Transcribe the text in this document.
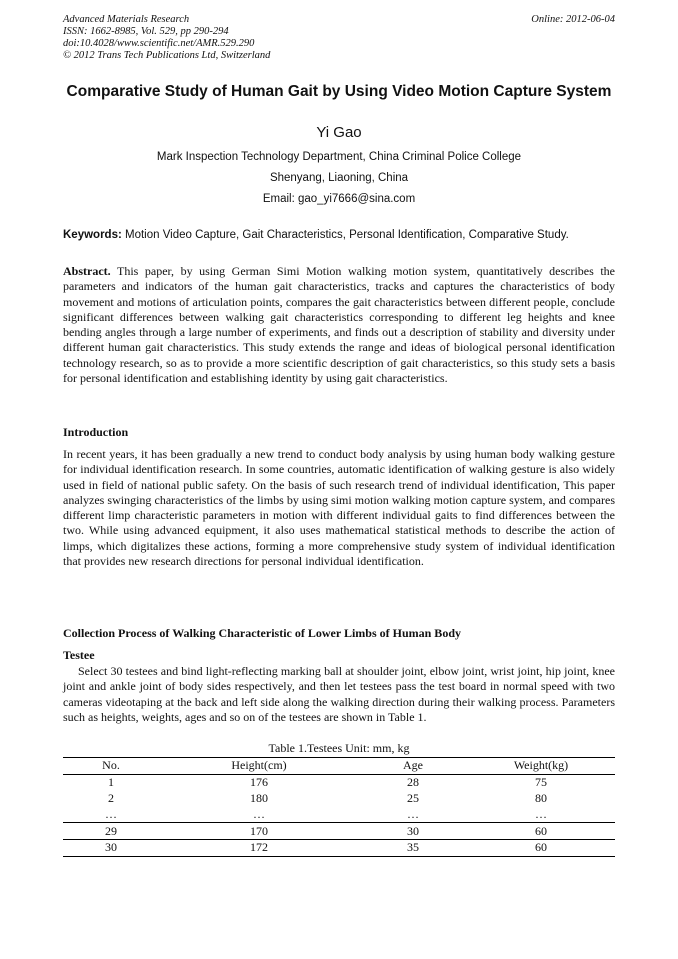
Advanced Materials Research
ISSN: 1662-8985, Vol. 529, pp 290-294
doi:10.4028/www.scientific.net/AMR.529.290
© 2012 Trans Tech Publications Ltd, Switzerland
Online: 2012-06-04
Comparative Study of Human Gait by Using Video Motion Capture System
Yi Gao
Mark Inspection Technology Department, China Criminal Police College
Shenyang, Liaoning, China
Email: gao_yi7666@sina.com
Keywords: Motion Video Capture, Gait Characteristics, Personal Identification, Comparative Study.
Abstract. This paper, by using German Simi Motion walking motion system, quantitatively describes the parameters and indicators of the human gait characteristics, tracks and captures the characteristics of body movement and motions of articulation points, compares the gait characteristics between different people, conclude significant differences between walking gait characteristics corresponding to different leg heights and knee bending angles through a large number of experiments, and finds out a description of stability and diversity under different human gait characteristics. This study extends the range and ideas of biological personal identification technology research, so as to provide a more scientific description of gait characteristics, so this study sets a basis for personal identification and establishing identity by using gait characteristics.
Introduction
In recent years, it has been gradually a new trend to conduct body analysis by using human body walking gesture for individual identification research. In some countries, automatic identification of walking gesture is also widely used in field of national public safety. On the basis of such research trend of individual identification, This paper analyzes swinging characteristics of the limbs by using simi motion walking motion capture system, and compares different limp characteristic parameters in motion with different individual gaits to find differences between the two. While using advanced equipment, it also uses mathematical statistical methods to describe the action of limps, which digitalizes these actions, forming a more comprehensive study system of individual identification that provides new research directions for personal individual identification.
Collection Process of Walking Characteristic of Lower Limbs of Human Body
Testee
Select 30 testees and bind light-reflecting marking ball at shoulder joint, elbow joint, wrist joint, hip joint, knee joint and ankle joint of body sides respectively, and then let testees pass the test board in normal speed with two cameras videotaping at the back and left side along the walking direction during their walking process. Parameters such as heights, weights, ages and so on of the testees are shown in Table 1.
Table 1.Testees Unit: mm, kg
No.	Height(cm)	Age	Weight(kg)
1	176	28	75
2	180	25	80
…	…	…	…
29	170	30	60
30	172	35	60
